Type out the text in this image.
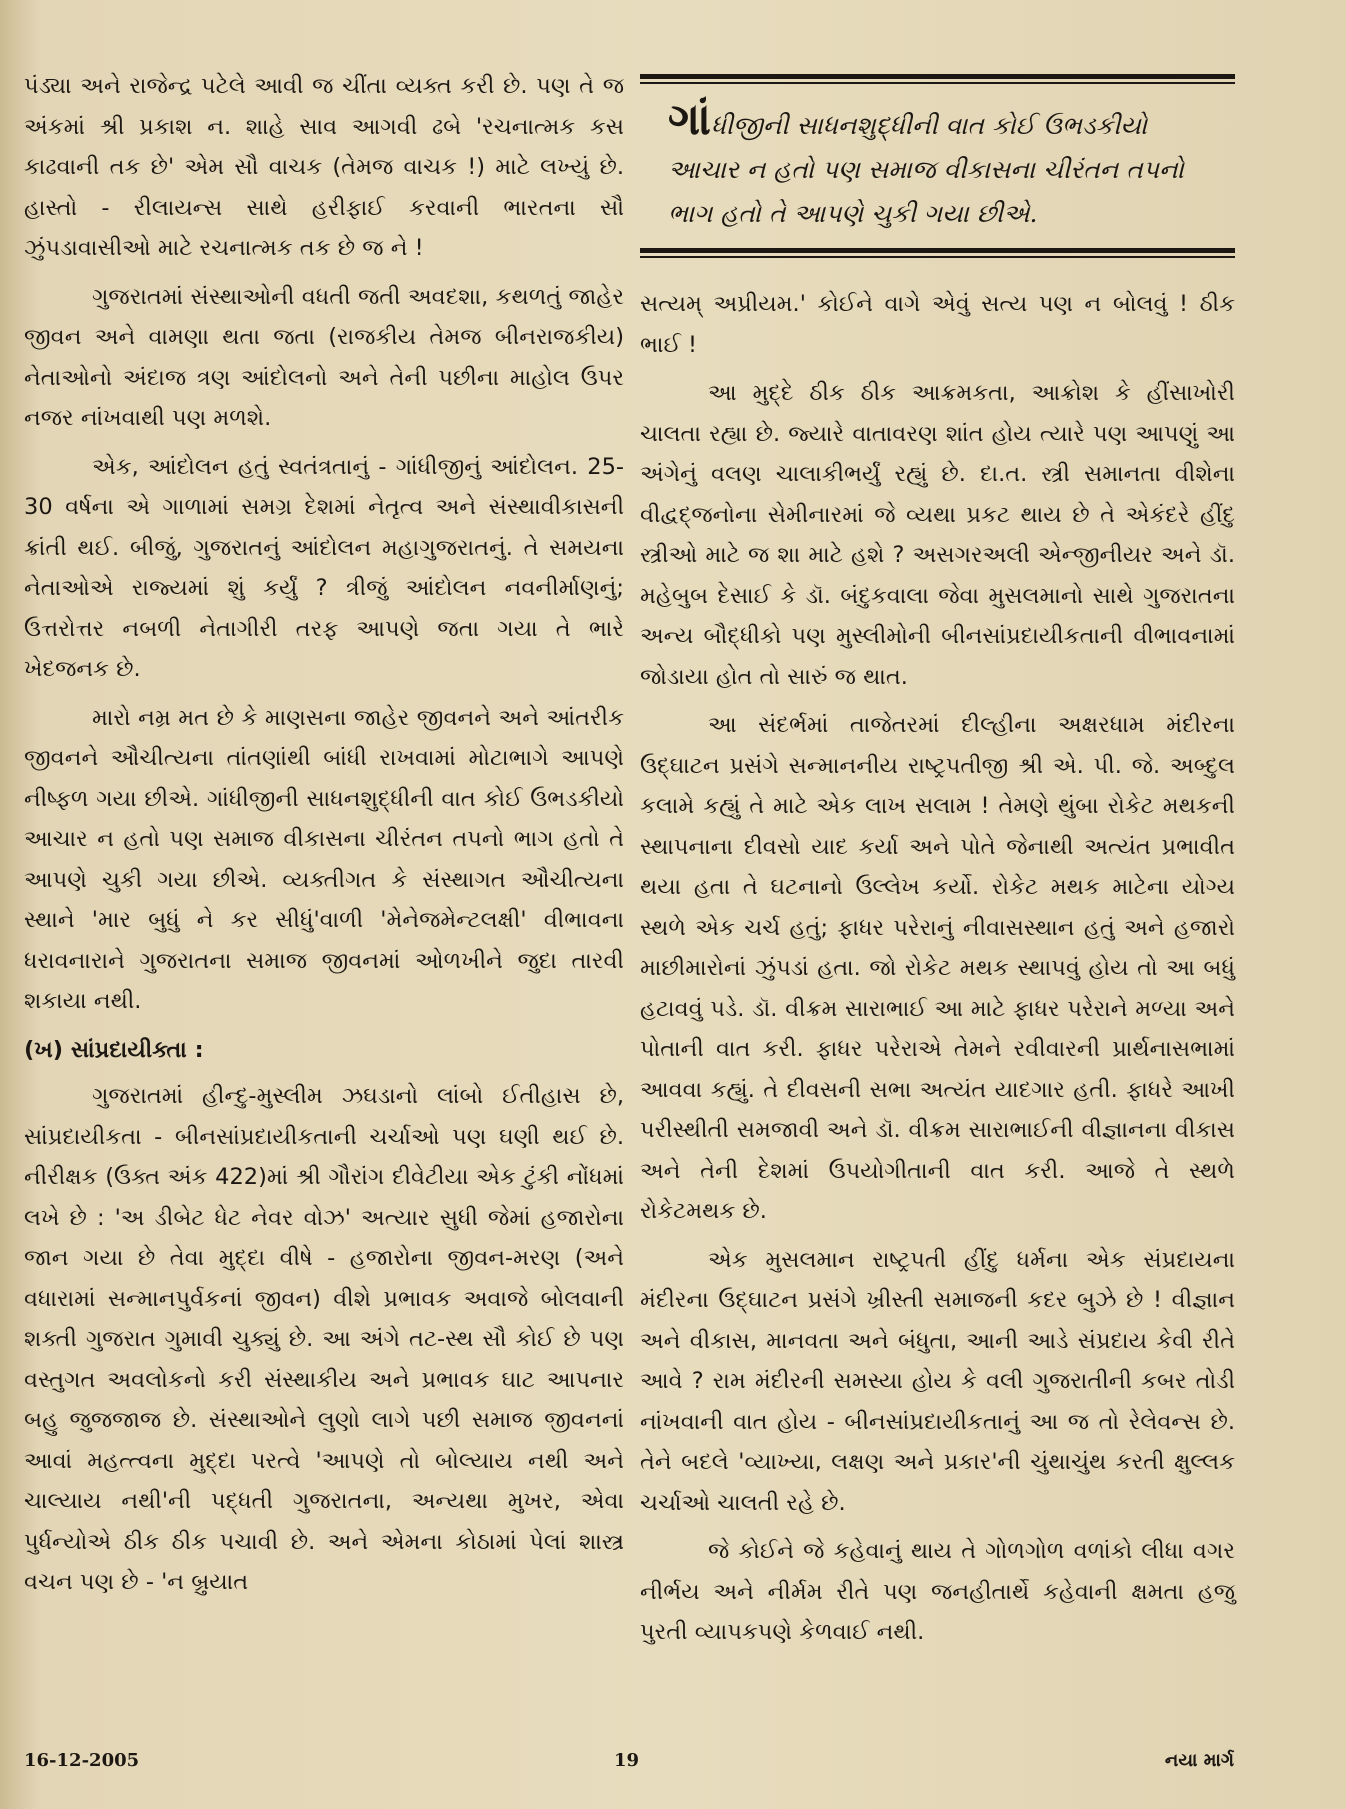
પંડ્યા અને રાજેન્દ્ર પટેલે આવી જ ચીંતા વ્યક્ત કરી છે. પણ તે જ અંકમાં શ્રી પ્રકાશ ન. શાહે સાવ આગવી ઢબે 'રચનાત્મક કસ કાઢવાની તક છે' એમ સૌ વાચક (તેમજ વાચક !) માટે લખ્યું છે. હાસ્તો - રીલાયન્સ સાથે હરીફાઈ કરવાની ભારતના સૌ ઝુંપડાવાસીઓ માટે રચનાત્મક તક છે જ ને !

ગુજરાતમાં સંસ્થાઓની વધતી જતી અવદશા, કથળતું જાહેર જીવન અને વામણા થતા જતા (રાજકીય તેમજ બીનરાજકીય) નેતાઓનો અંદાજ ત્રણ આંદોલનો અને તેની પછીના માહોલ ઉપર નજર નાંખવાથી પણ મળશે.

એક, આંદોલન હતું સ્વતંત્રતાનું - ગાંધીજીનું આંદોલન. 25-30 વર્ષના એ ગાળામાં સમગ્ર દેશમાં નેતૃત્વ અને સંસ્થાવીકાસની ક્રાંતી થઈ. બીજું, ગુજરાતનું આંદોલન મહાગુજરાતનું. તે સમયના નેતાઓએ રાજ્યમાં શું કર્યું ? ત્રીજું આંદોલન નવનીર્માણનું; ઉત્તરોત્તર નબળી નેતાગીરી તરફ આપણે જતા ગયા તે ભારે ખેદજનક છે.

મારો નમ્ર મત છે કે માણસના જાહેર જીવનને અને આંતરીક જીવનને ઔચીત્યના તાંતણાંથી બાંધી રાખવામાં મોટાભાગે આપણે નીષ્ફળ ગયા છીએ. ગાંધીજીની સાધનશુદ્ધીની વાત કોઈ ઉભડકીયો આચાર ન હતો પણ સમાજ વીકાસના ચીરંતન તપનો ભાગ હતો તે આપણે ચુકી ગયા છીએ. વ્યક્તીગત કે સંસ્થાગત ઔચીત્યના સ્થાને 'માર બુધું ને કર સીધું'વાળી 'મેનેજમેન્ટલક્ષી' વીભાવના ધરાવનારાને ગુજરાતના સમાજ જીવનમાં ઓળખીને જુદા તારવી શકાયા નથી.

(ખ) સાંપ્રદાયીક્તા :

ગુજરાતમાં હીન્દુ-મુસ્લીમ ઝઘડાનો લાંબો ઈતીહાસ છે, સાંપ્રદાયીકતા - બીનસાંપ્રદાયીકતાની ચર્ચાઓ પણ ઘણી થઈ છે. નીરીક્ષક (ઉક્ત અંક 422)માં શ્રી ગૌરાંગ દીવેટીયા એક ટુંકી નોંધમાં લખે છે : 'અ ડીબેટ ધેટ નેવર વોઝ' અત્યાર સુધી જેમાં હજારોના જાન ગયા છે તેવા મુદ્દા વીષે - હજારોના જીવન-મરણ (અને વધારામાં સન્માનપુર્વકનાં જીવન) વીશે પ્રભાવક અવાજે બોલવાની શક્તી ગુજરાત ગુમાવી ચુક્યું છે. આ અંગે તટ-સ્થ સૌ કોઈ છે પણ વસ્તુગત અવલોકનો કરી સંસ્થાકીય અને પ્રભાવક ઘાટ આપનાર બહુ જુજજાજ છે. સંસ્થાઓને લુણો લાગે પછી સમાજ જીવનનાં આવાં મહત્ત્વના મુદ્દા પરત્વે 'આપણે તો બોલ્યાય નથી અને ચાલ્યાય નથી'ની પદ્ધતી ગુજરાતના, અન્યથા મુખર, એવા પુર્ધન્યોએ ઠીક ઠીક પચાવી છે. અને એમના કોઠામાં પેલાં શાસ્ત્ર વચન પણ છે - 'ન બ્રુયાત

ગાંધીજીની સાધનશુદ્ધીની વાત કોઈ ઉભડકીયો આચાર ન હતો પણ સમાજ વીકાસના ચીરંતન તપનો ભાગ હતો તે આપણે ચુકી ગયા છીએ.

સત્યમ્ અપ્રીયમ.' કોઈને વાગે એવું સત્ય પણ ન બોલવું ! ઠીક ભાઈ !

આ મુદ્દે ઠીક ઠીક આક્રમકતા, આક્રોશ કે હીંસાખોરી ચાલતા રહ્યા છે. જ્યારે વાતાવરણ શાંત હોય ત્યારે પણ આપણું આ અંગેનું વલણ ચાલાકીભર્યું રહ્યું છે. દા.ત. સ્ત્રી સમાનતા વીશેના વીદ્વદ્જનોના સેમીનારમાં જે વ્યથા પ્રકટ થાય છે તે એકંદરે હીંદુ સ્ત્રીઓ માટે જ શા માટે હશે ? અસગરઅલી એન્જીનીયર અને ડૉ. મહેબુબ દેસાઈ કે ડૉ. બંદુકવાલા જેવા મુસલમાનો સાથે ગુજરાતના અન્ય બૌદ્ધીકો પણ મુસ્લીમોની બીનસાંપ્રદાયીકતાની વીભાવનામાં જોડાયા હોત તો સારું જ થાત.

આ સંદર્ભમાં તાજેતરમાં દીલ્હીના અક્ષરધામ મંદીરના ઉદ્ઘાટન પ્રસંગે સન્માનનીય રાષ્ટ્રપતીજી શ્રી એ. પી. જે. અબ્દુલ કલામે કહ્યું તે માટે એક લાખ સલામ ! તેમણે થુંબા રોકેટ મથકની સ્થાપનાના દીવસો યાદ કર્યા અને પોતે જેનાથી અત્યંત પ્રભાવીત થયા હતા તે ઘટનાનો ઉલ્લેખ કર્યો. રોકેટ મથક માટેના યોગ્ય સ્થળે એક ચર્ચ હતું; ફાધર પરેરાનું નીવાસસ્થાન હતું અને હજારો માછીમારોનાં ઝુંપડાં હતા. જો રોકેટ મથક સ્થાપવું હોય તો આ બધું હટાવવું પડે. ડૉ. વીક્રમ સારાભાઈ આ માટે ફાધર પરેરાને મળ્યા અને પોતાની વાત કરી. ફાધર પરેરાએ તેમને રવીવારની પ્રાર્થનાસભામાં આવવા કહ્યું. તે દીવસની સભા અત્યંત યાદગાર હતી. ફાધરે આખી પરીસ્થીતી સમજાવી અને ડૉ. વીક્રમ સારાભાઈની વીજ્ઞાનના વીકાસ અને તેની દેશમાં ઉપયોગીતાની વાત કરી. આજે તે સ્થળે રોકેટમથક છે.

એક મુસલમાન રાષ્ટ્રપતી હીંદુ ધર્મના એક સંપ્રદાયના મંદીરના ઉદ્ઘાટન પ્રસંગે ખ્રીસ્તી સમાજની કદર બુઝે છે ! વીજ્ઞાન અને વીકાસ, માનવતા અને બંધુતા, આની આડે સંપ્રદાય કેવી રીતે આવે ? રામ મંદીરની સમસ્યા હોય કે વલી ગુજરાતીની કબર તોડી નાંખવાની વાત હોય - બીનસાંપ્રદાયીકતાનું આ જ તો રેલેવન્સ છે. તેને બદલે 'વ્યાખ્યા, લક્ષણ અને પ્રકાર'ની ચુંથાચુંથ કરતી ક્ષુલ્લક ચર્ચાઓ ચાલતી રહે છે.

જે કોઈને જે કહેવાનું થાય તે ગોળગોળ વળાંકો લીધા વગર નીર્ભય અને નીર્મમ રીતે પણ જનહીતાર્થે કહેવાની ક્ષમતા હજુ પુરતી વ્યાપકપણે કેળવાઈ નથી.

16-12-2005	19	નયા માર્ગ
